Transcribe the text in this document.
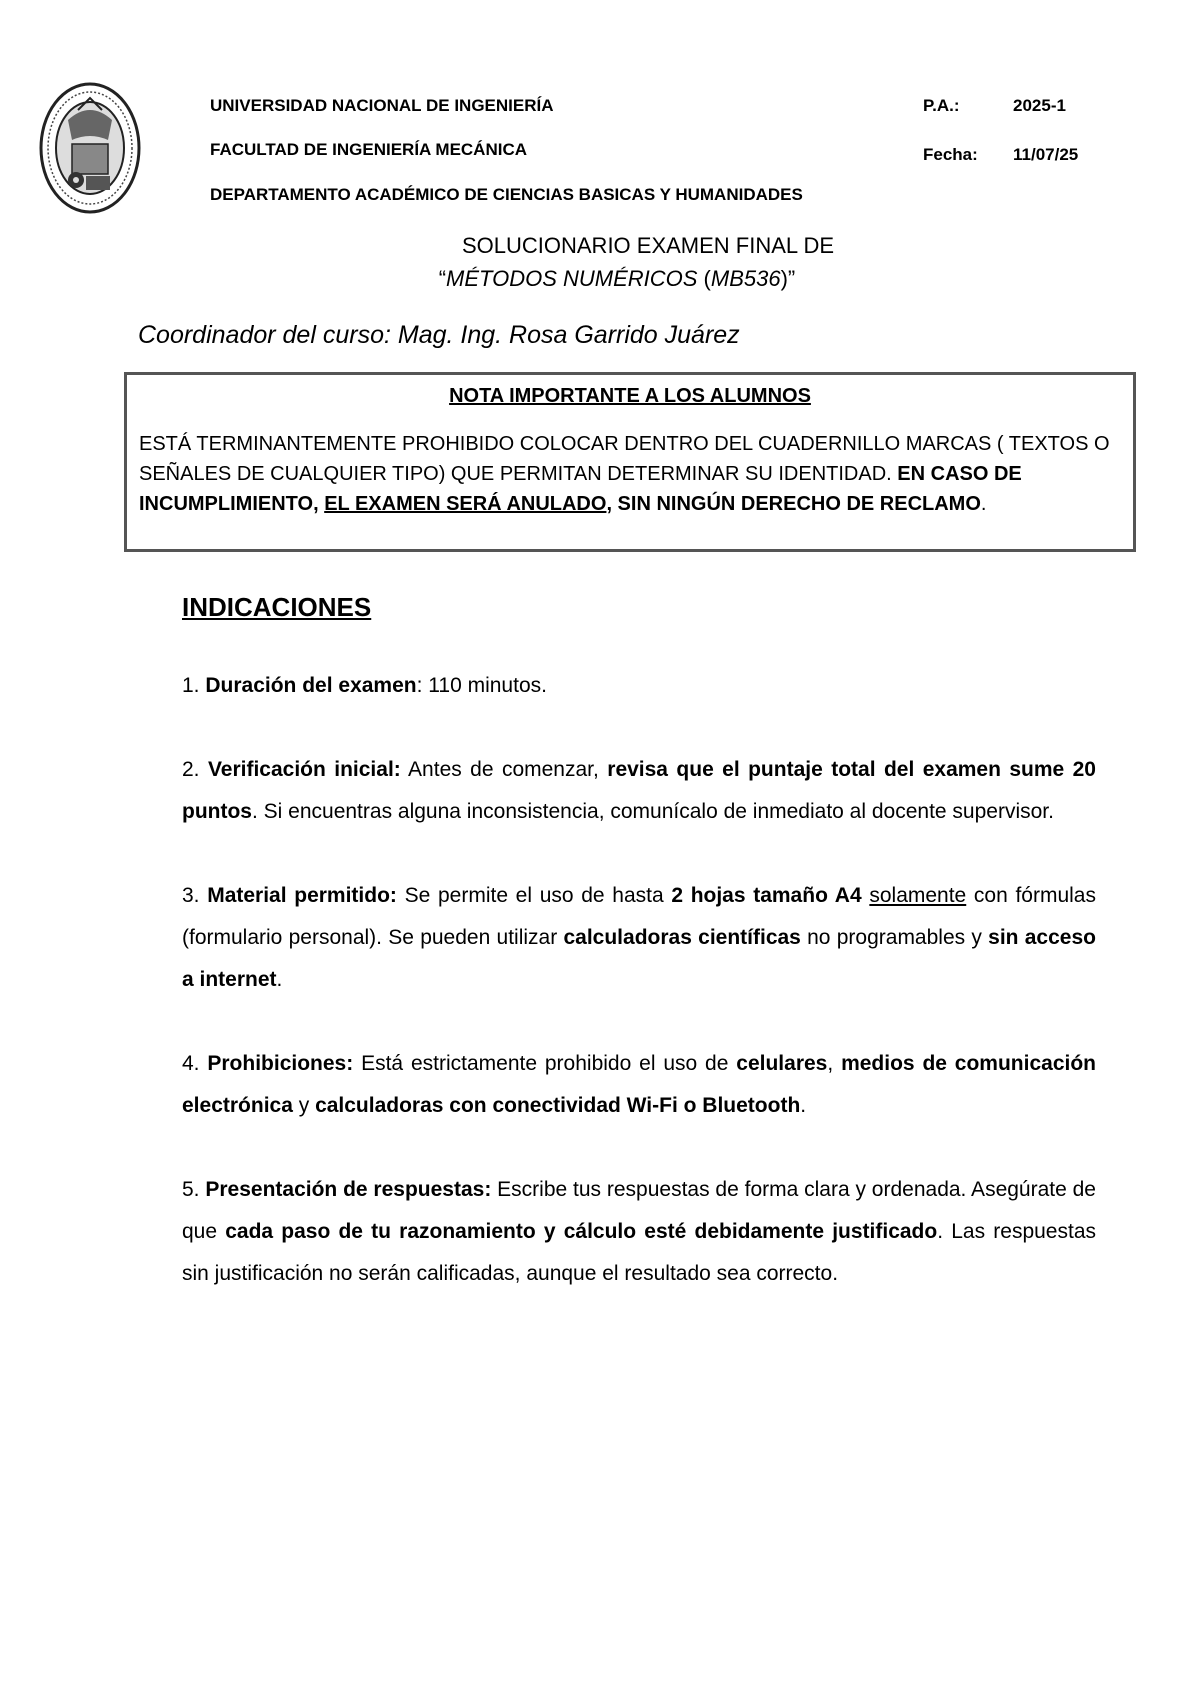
UNIVERSIDAD NACIONAL DE INGENIERÍA
FACULTAD DE INGENIERÍA MECÁNICA
DEPARTAMENTO ACADÉMICO DE CIENCIAS BASICAS Y HUMANIDADES
P.A.:	2025-1
Fecha: 11/07/25
SOLUCIONARIO EXAMEN FINAL DE
“MÉTODOS NUMÉRICOS (MB536)”
Coordinador del curso: Mag. Ing. Rosa Garrido Juárez
NOTA IMPORTANTE A LOS ALUMNOS
ESTÁ TERMINANTEMENTE PROHIBIDO COLOCAR DENTRO DEL CUADERNILLO MARCAS ( TEXTOS O SEÑALES DE CUALQUIER TIPO) QUE PERMITAN DETERMINAR SU IDENTIDAD. EN CASO DE INCUMPLIMIENTO, EL EXAMEN SERÁ ANULADO, SIN NINGÚN DERECHO DE RECLAMO.
INDICACIONES
1. Duración del examen: 110 minutos.
2. Verificación inicial: Antes de comenzar, revisa que el puntaje total del examen sume 20 puntos. Si encuentras alguna inconsistencia, comunícalo de inmediato al docente supervisor.
3. Material permitido: Se permite el uso de hasta 2 hojas tamaño A4 solamente con fórmulas (formulario personal). Se pueden utilizar calculadoras científicas no programables y sin acceso a internet.
4. Prohibiciones: Está estrictamente prohibido el uso de celulares, medios de comunicación electrónica y calculadoras con conectividad Wi-Fi o Bluetooth.
5. Presentación de respuestas: Escribe tus respuestas de forma clara y ordenada. Asegúrate de que cada paso de tu razonamiento y cálculo esté debidamente justificado. Las respuestas sin justificación no serán calificadas, aunque el resultado sea correcto.
